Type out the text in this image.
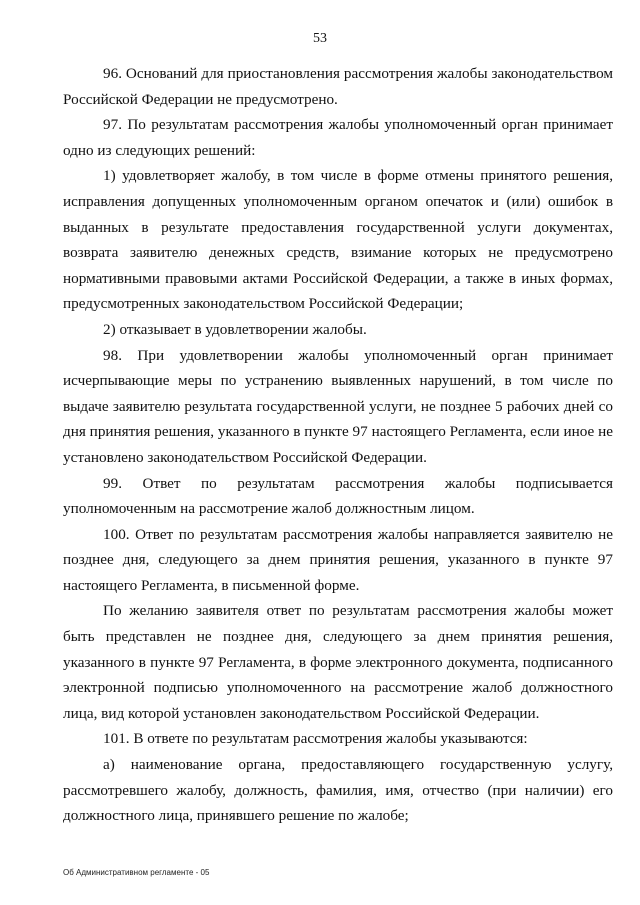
53

96. Оснований для приостановления рассмотрения жалобы законодательством Российской Федерации не предусмотрено.

97. По результатам рассмотрения жалобы уполномоченный орган принимает одно из следующих решений:

1) удовлетворяет жалобу, в том числе в форме отмены принятого решения, исправления допущенных уполномоченным органом опечаток и (или) ошибок в выданных в результате предоставления государственной услуги документах, возврата заявителю денежных средств, взимание которых не предусмотрено нормативными правовыми актами Российской Федерации, а также в иных формах, предусмотренных законодательством Российской Федерации;

2) отказывает в удовлетворении жалобы.

98. При удовлетворении жалобы уполномоченный орган принимает исчерпывающие меры по устранению выявленных нарушений, в том числе по выдаче заявителю результата государственной услуги, не позднее 5 рабочих дней со дня принятия решения, указанного в пункте 97 настоящего Регламента, если иное не установлено законодательством Российской Федерации.

99. Ответ по результатам рассмотрения жалобы подписывается уполномоченным на рассмотрение жалоб должностным лицом.

100. Ответ по результатам рассмотрения жалобы направляется заявителю не позднее дня, следующего за днем принятия решения, указанного в пункте 97 настоящего Регламента, в письменной форме.

По желанию заявителя ответ по результатам рассмотрения жалобы может быть представлен не позднее дня, следующего за днем принятия решения, указанного в пункте 97 Регламента, в форме электронного документа, подписанного электронной подписью уполномоченного на рассмотрение жалоб должностного лица, вид которой установлен законодательством Российской Федерации.

101. В ответе по результатам рассмотрения жалобы указываются:

а) наименование органа, предоставляющего государственную услугу, рассмотревшего жалобу, должность, фамилия, имя, отчество (при наличии) его должностного лица, принявшего решение по жалобе;

Об Административном регламенте - 05
